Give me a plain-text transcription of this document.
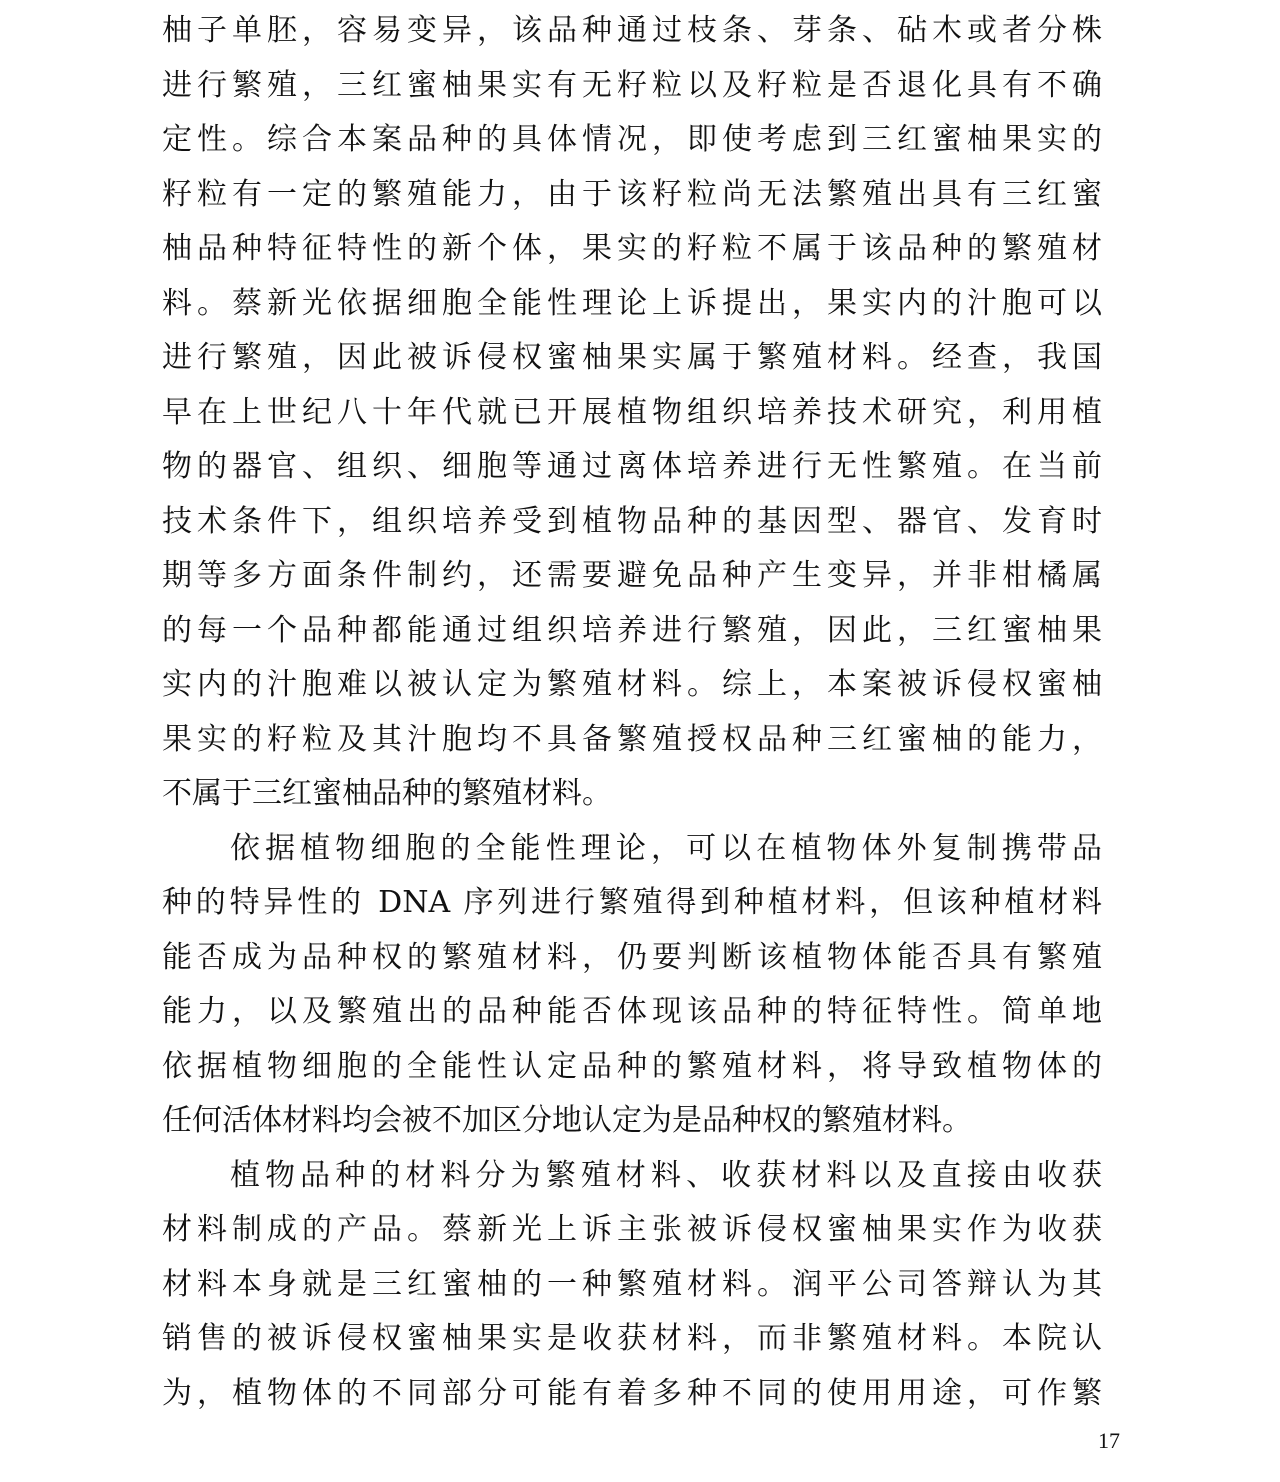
柚子单胚，容易变异，该品种通过枝条、芽条、砧木或者分株
进行繁殖，三红蜜柚果实有无籽粒以及籽粒是否退化具有不确
定性。综合本案品种的具体情况，即使考虑到三红蜜柚果实的
籽粒有一定的繁殖能力，由于该籽粒尚无法繁殖出具有三红蜜
柚品种特征特性的新个体，果实的籽粒不属于该品种的繁殖材
料。蔡新光依据细胞全能性理论上诉提出，果实内的汁胞可以
进行繁殖，因此被诉侵权蜜柚果实属于繁殖材料。经查，我国
早在上世纪八十年代就已开展植物组织培养技术研究，利用植
物的器官、组织、细胞等通过离体培养进行无性繁殖。在当前
技术条件下，组织培养受到植物品种的基因型、器官、发育时
期等多方面条件制约，还需要避免品种产生变异，并非柑橘属
的每一个品种都能通过组织培养进行繁殖，因此，三红蜜柚果
实内的汁胞难以被认定为繁殖材料。综上，本案被诉侵权蜜柚
果实的籽粒及其汁胞均不具备繁殖授权品种三红蜜柚的能力，
不属于三红蜜柚品种的繁殖材料。
依据植物细胞的全能性理论，可以在植物体外复制携带品
种的特异性的 DNA 序列进行繁殖得到种植材料，但该种植材料
能否成为品种权的繁殖材料，仍要判断该植物体能否具有繁殖
能力，以及繁殖出的品种能否体现该品种的特征特性。简单地
依据植物细胞的全能性认定品种的繁殖材料，将导致植物体的
任何活体材料均会被不加区分地认定为是品种权的繁殖材料。
植物品种的材料分为繁殖材料、收获材料以及直接由收获
材料制成的产品。蔡新光上诉主张被诉侵权蜜柚果实作为收获
材料本身就是三红蜜柚的一种繁殖材料。润平公司答辩认为其
销售的被诉侵权蜜柚果实是收获材料，而非繁殖材料。本院认
为，植物体的不同部分可能有着多种不同的使用用途，可作繁
17
